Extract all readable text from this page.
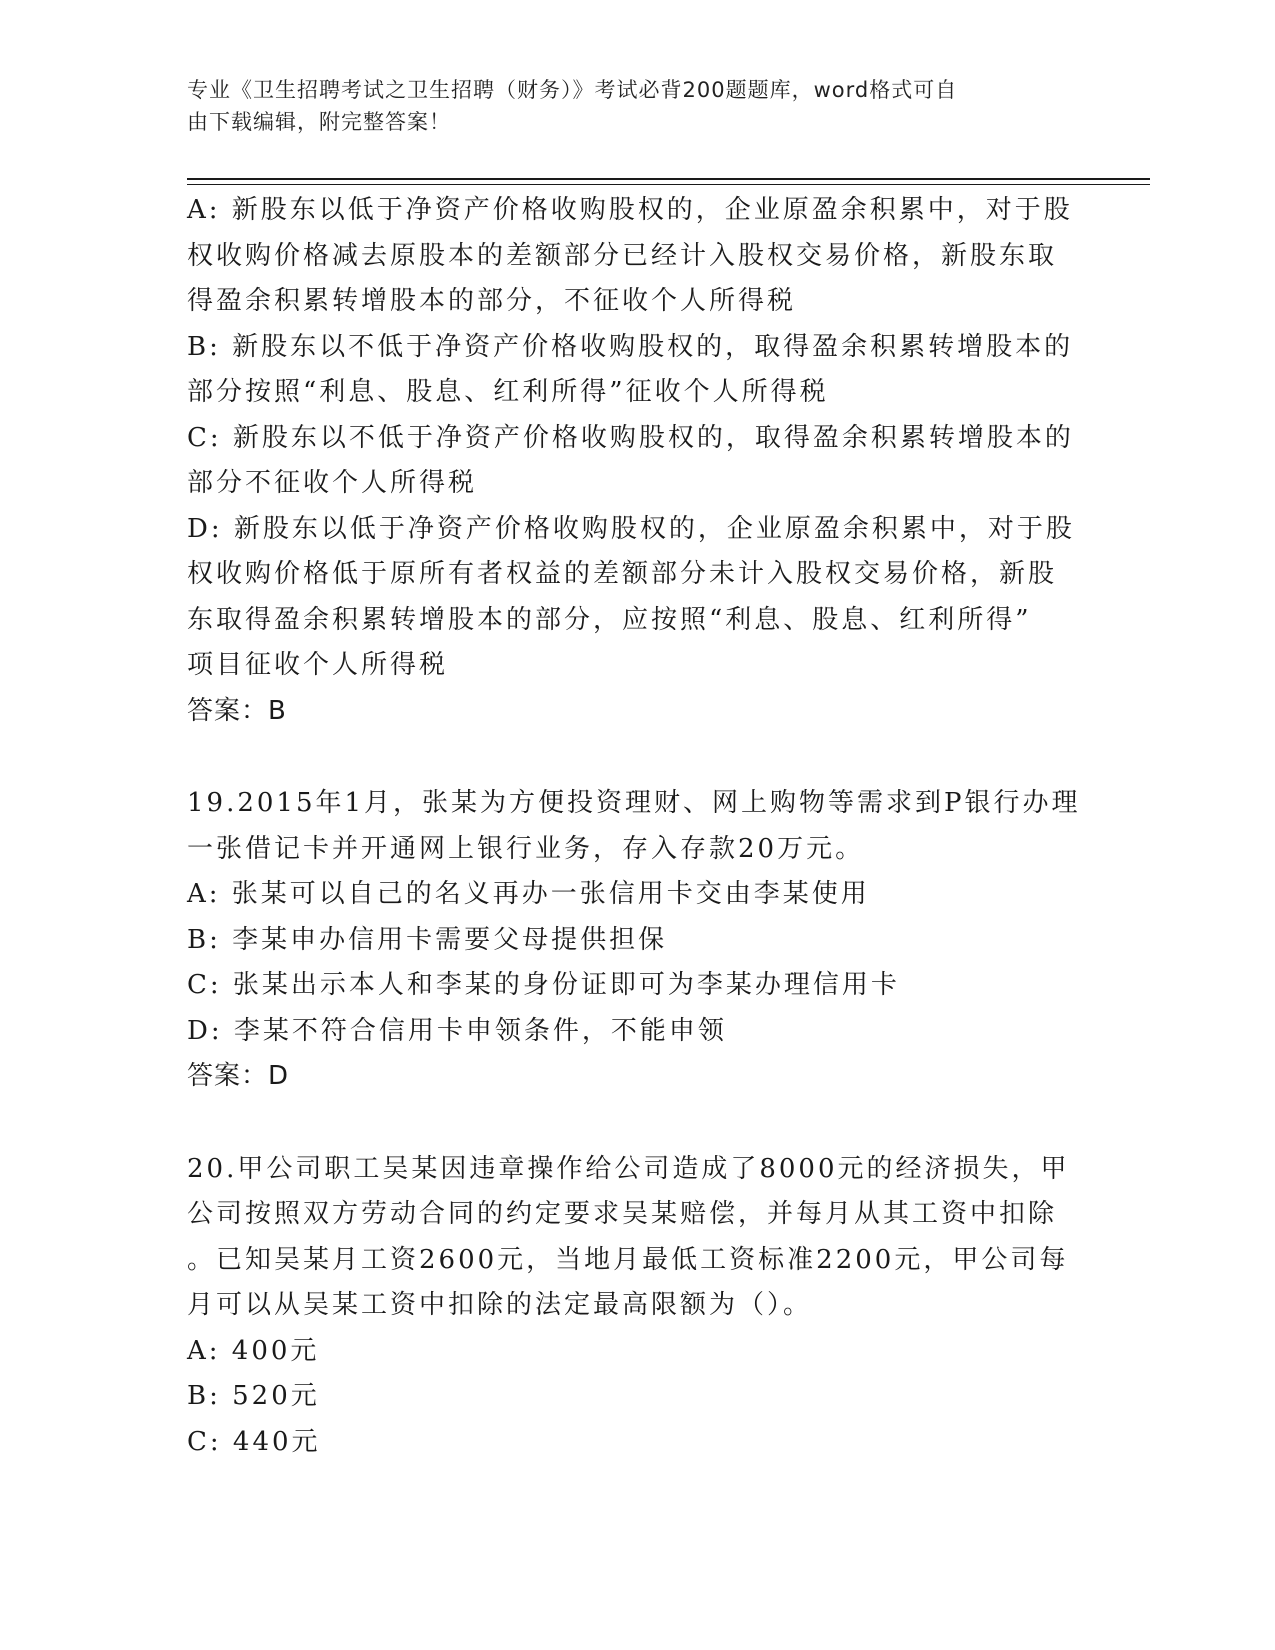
专业《卫生招聘考试之卫生招聘（财务）》考试必背200题题库，word格式可自
由下载编辑，附完整答案！
A: 新股东以低于净资产价格收购股权的，企业原盈余积累中，对于股
权收购价格减去原股本的差额部分已经计入股权交易价格，新股东取
得盈余积累转增股本的部分，不征收个人所得税
B: 新股东以不低于净资产价格收购股权的，取得盈余积累转增股本的
部分按照“利息、股息、红利所得”征收个人所得税
C: 新股东以不低于净资产价格收购股权的，取得盈余积累转增股本的
部分不征收个人所得税
D: 新股东以低于净资产价格收购股权的，企业原盈余积累中，对于股
权收购价格低于原所有者权益的差额部分未计入股权交易价格，新股
东取得盈余积累转增股本的部分，应按照“利息、股息、红利所得”
项目征收个人所得税
答案：B
19.2015年1月，张某为方便投资理财、网上购物等需求到P银行办理
一张借记卡并开通网上银行业务，存入存款20万元。
A: 张某可以自己的名义再办一张信用卡交由李某使用
B: 李某申办信用卡需要父母提供担保
C: 张某出示本人和李某的身份证即可为李某办理信用卡
D: 李某不符合信用卡申领条件，不能申领
答案：D
20.甲公司职工吴某因违章操作给公司造成了8000元的经济损失，甲
公司按照双方劳动合同的约定要求吴某赔偿，并每月从其工资中扣除
。已知吴某月工资2600元，当地月最低工资标准2200元，甲公司每
月可以从吴某工资中扣除的法定最高限额为（）。
A: 400元
B: 520元
C: 440元
